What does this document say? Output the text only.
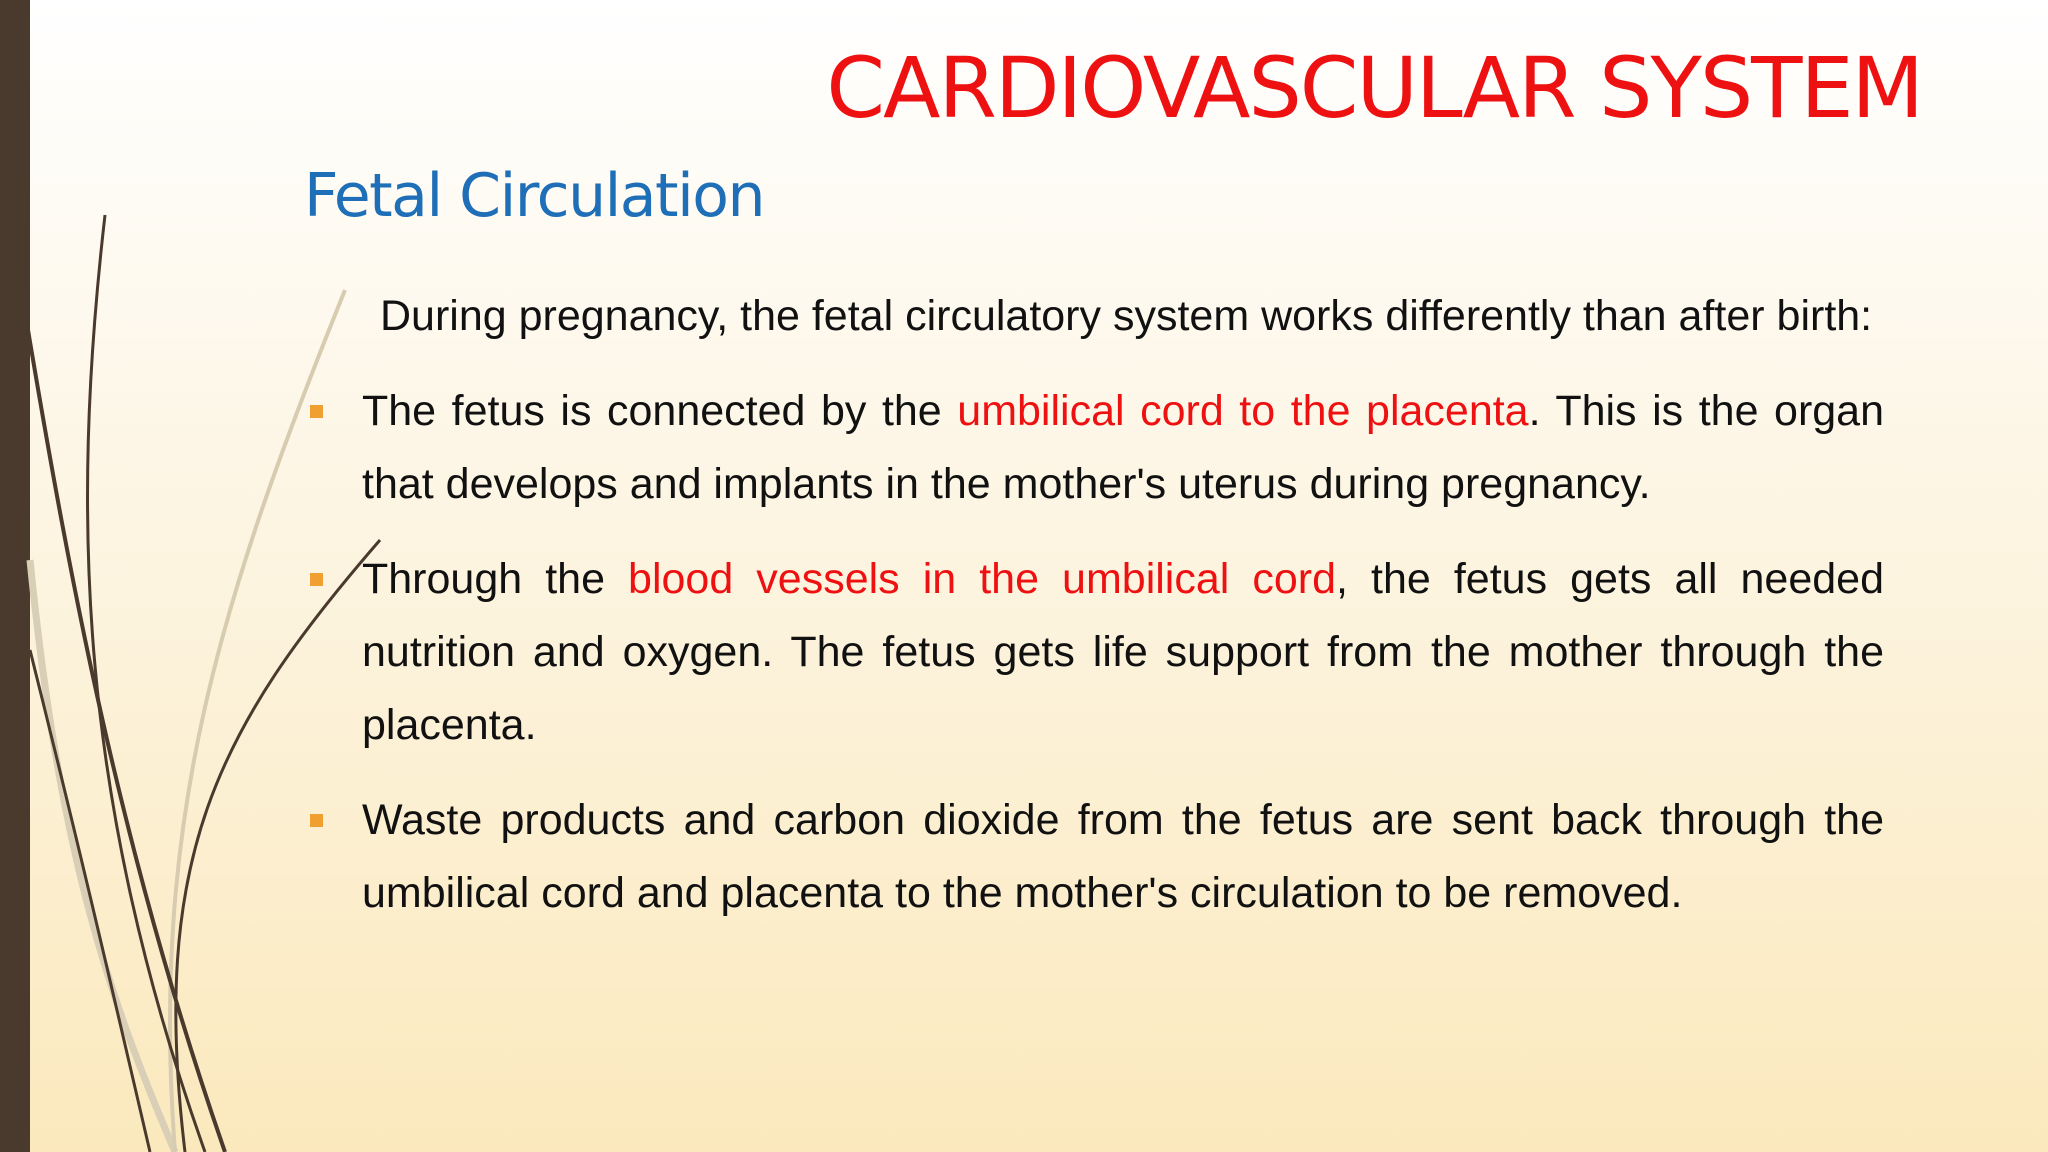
CARDIOVASCULAR SYSTEM
Fetal Circulation

During pregnancy, the fetal circulatory system works differently than after birth:

The fetus is connected by the umbilical cord to the placenta. This is the organ that develops and implants in the mother's uterus during pregnancy.
Through the blood vessels in the umbilical cord, the fetus gets all needed nutrition and oxygen. The fetus gets life support from the mother through the placenta.
Waste products and carbon dioxide from the fetus are sent back through the umbilical cord and placenta to the mother's circulation to be removed.
